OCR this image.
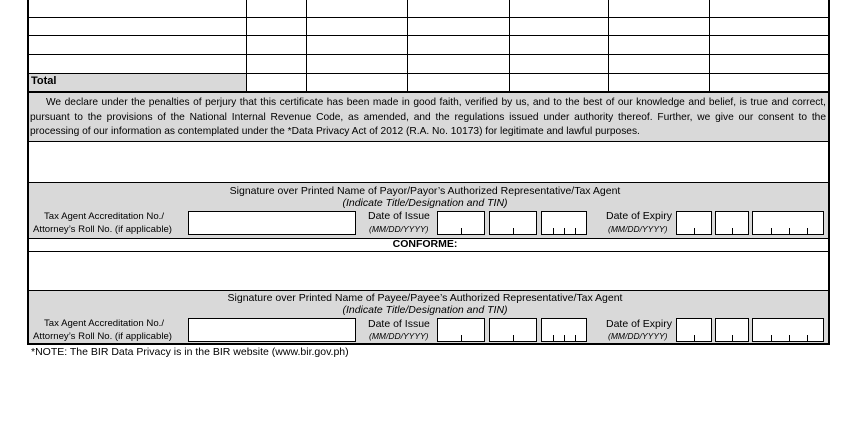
Total

We declare under the penalties of perjury that this certificate has been made in good faith, verified by us, and to the best of our knowledge and belief, is true and correct, pursuant to the provisions of the National Internal Revenue Code, as amended, and the regulations issued under authority thereof. Further, we give our consent to the processing of our information as contemplated under the *Data Privacy Act of 2012 (R.A. No. 10173) for legitimate and lawful purposes.

Signature over Printed Name of Payor/Payor’s Authorized Representative/Tax Agent
(Indicate Title/Designation and TIN)
Tax Agent Accreditation No./
Attorney’s Roll No. (if applicable)
Date of Issue
(MM/DD/YYYY)
Date of Expiry
(MM/DD/YYYY)
CONFORME:
Signature over Printed Name of Payee/Payee’s Authorized Representative/Tax Agent
(Indicate Title/Designation and TIN)
Tax Agent Accreditation No./
Attorney’s Roll No. (if applicable)
Date of Issue
(MM/DD/YYYY)
Date of Expiry
(MM/DD/YYYY)
*NOTE: The BIR Data Privacy is in the BIR website (www.bir.gov.ph)
